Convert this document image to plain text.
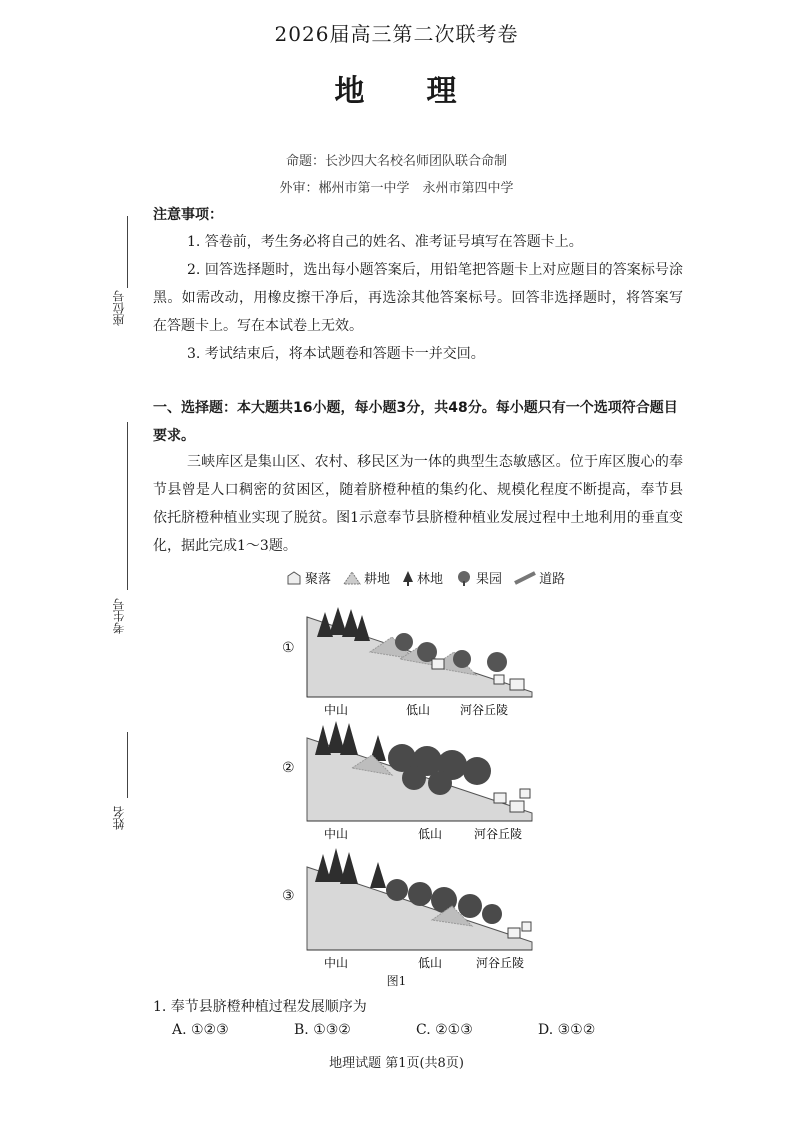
2026届高三第二次联考卷
地 理
命题：长沙四大名校名师团队联合命制
外审：郴州市第一中学　永州市第四中学
座位号
考生号
姓名
注意事项：
1. 答卷前，考生务必将自己的姓名、准考证号填写在答题卡上。
2. 回答选择题时，选出每小题答案后，用铅笔把答题卡上对应题目的答案标号涂黑。如需改动，用橡皮擦干净后，再选涂其他答案标号。回答非选择题时，将答案写在答题卡上。写在本试卷上无效。
3. 考试结束后，将本试题卷和答题卡一并交回。
一、选择题：本大题共16小题，每小题3分，共48分。每小题只有一个选项符合题目要求。
三峡库区是集山区、农村、移民区为一体的典型生态敏感区。位于库区腹心的奉节县曾是人口稠密的贫困区，随着脐橙种植的集约化、规模化程度不断提高，奉节县依托脐橙种植业实现了脱贫。图1示意奉节县脐橙种植业发展过程中土地利用的垂直变化，据此完成1～3题。
聚落	耕地 林地	果园	道路
①
中山	低山 河谷丘陵
②
中山	低山	河谷丘陵
③
中山	低山	河谷丘陵
图1
1. 奉节县脐橙种植过程发展顺序为
A. ①②③	B. ①③②	C. ②①③	D. ③①②
地理试题 第1页(共8页)
